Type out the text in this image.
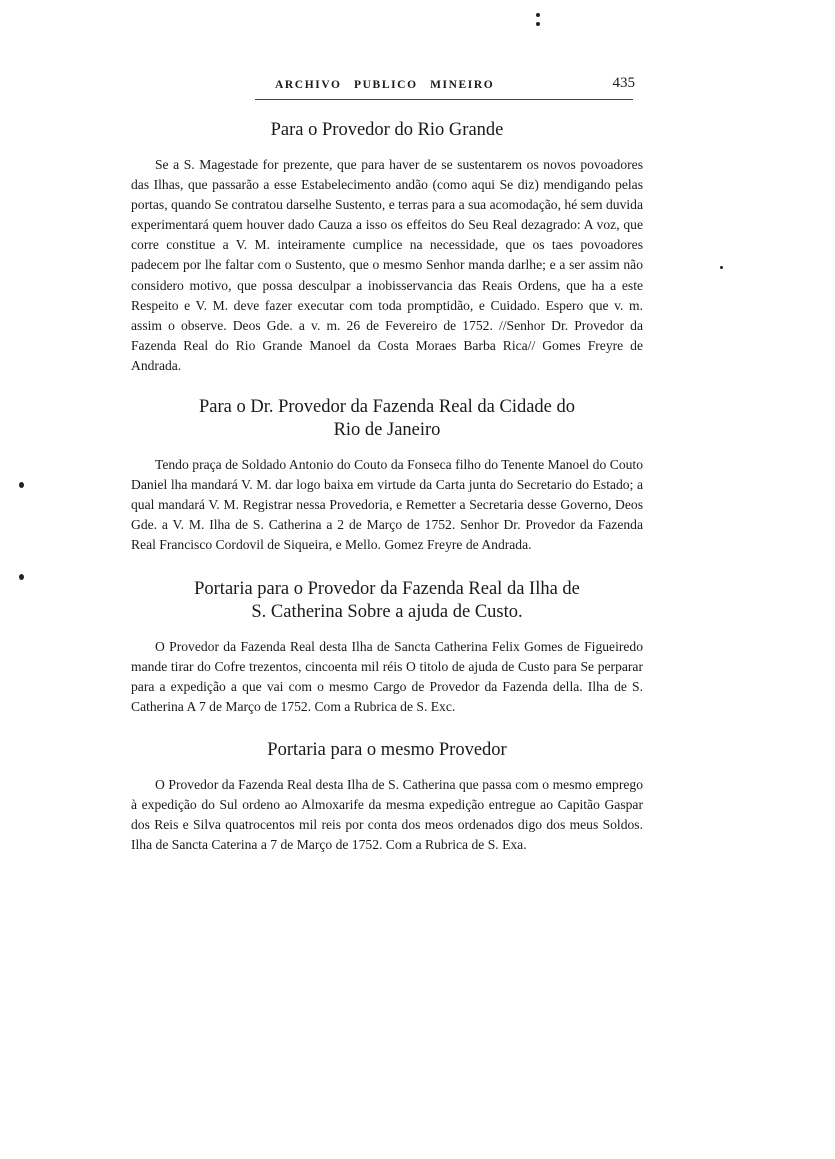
ARCHIVO PUBLICO MINEIRO	435
Para o Provedor do Rio Grande

Se a S. Magestade for prezente, que para haver de se sustentarem os novos povoadores das Ilhas, que passarão a esse Estabelecimento andão (como aqui Se diz) mendigando pelas portas, quando Se contratou darselhe Sustento, e terras para a sua acomodação, hé sem duvida experimentará quem houver dado Cauza a isso os effeitos do Seu Real dezagrado: A voz, que corre constitue a V. M. inteiramente cumplice na necessidade, que os taes povoadores padecem por lhe faltar com o Sustento, que o mesmo Senhor manda darlhe; e a ser assim não considero motivo, que possa desculpar a inobisservancia das Reais Ordens, que ha a este Respeito e V. M. deve fazer executar com toda promptidão, e Cuidado. Espero que v. m. assim o observe. Deos Gde. a v. m. 26 de Fevereiro de 1752. //Senhor Dr. Provedor da Fazenda Real do Rio Grande Manoel da Costa Moraes Barba Rica// Gomes Freyre de Andrada.

Para o Dr. Provedor da Fazenda Real da Cidade do
Rio de Janeiro

Tendo praça de Soldado Antonio do Couto da Fonseca filho do Tenente Manoel do Couto Daniel lha mandará V. M. dar logo baixa em virtude da Carta junta do Secretario do Estado; a qual mandará V. M. Registrar nessa Provedoria, e Remetter a Secretaria desse Governo, Deos Gde. a V. M. Ilha de S. Catherina a 2 de Março de 1752. Senhor Dr. Provedor da Fazenda Real Francisco Cordovil de Siqueira, e Mello. Gomez Freyre de Andrada.

Portaria para o Provedor da Fazenda Real da Ilha de
S. Catherina Sobre a ajuda de Custo.

O Provedor da Fazenda Real desta Ilha de Sancta Catherina Felix Gomes de Figueiredo mande tirar do Cofre trezentos, cincoenta mil réis O titolo de ajuda de Custo para Se perparar para a expedição a que vai com o mesmo Cargo de Provedor da Fazenda della. Ilha de S. Catherina A 7 de Março de 1752. Com a Rubrica de S. Exc.

Portaria para o mesmo Provedor

O Provedor da Fazenda Real desta Ilha de S. Catherina que passa com o mesmo emprego à expedição do Sul ordeno ao Almoxarife da mesma expedição entregue ao Capitão Gaspar dos Reis e Silva quatrocentos mil reis por conta dos meos ordenados digo dos meus Soldos. Ilha de Sancta Caterina a 7 de Março de 1752. Com a Rubrica de S. Exa.
